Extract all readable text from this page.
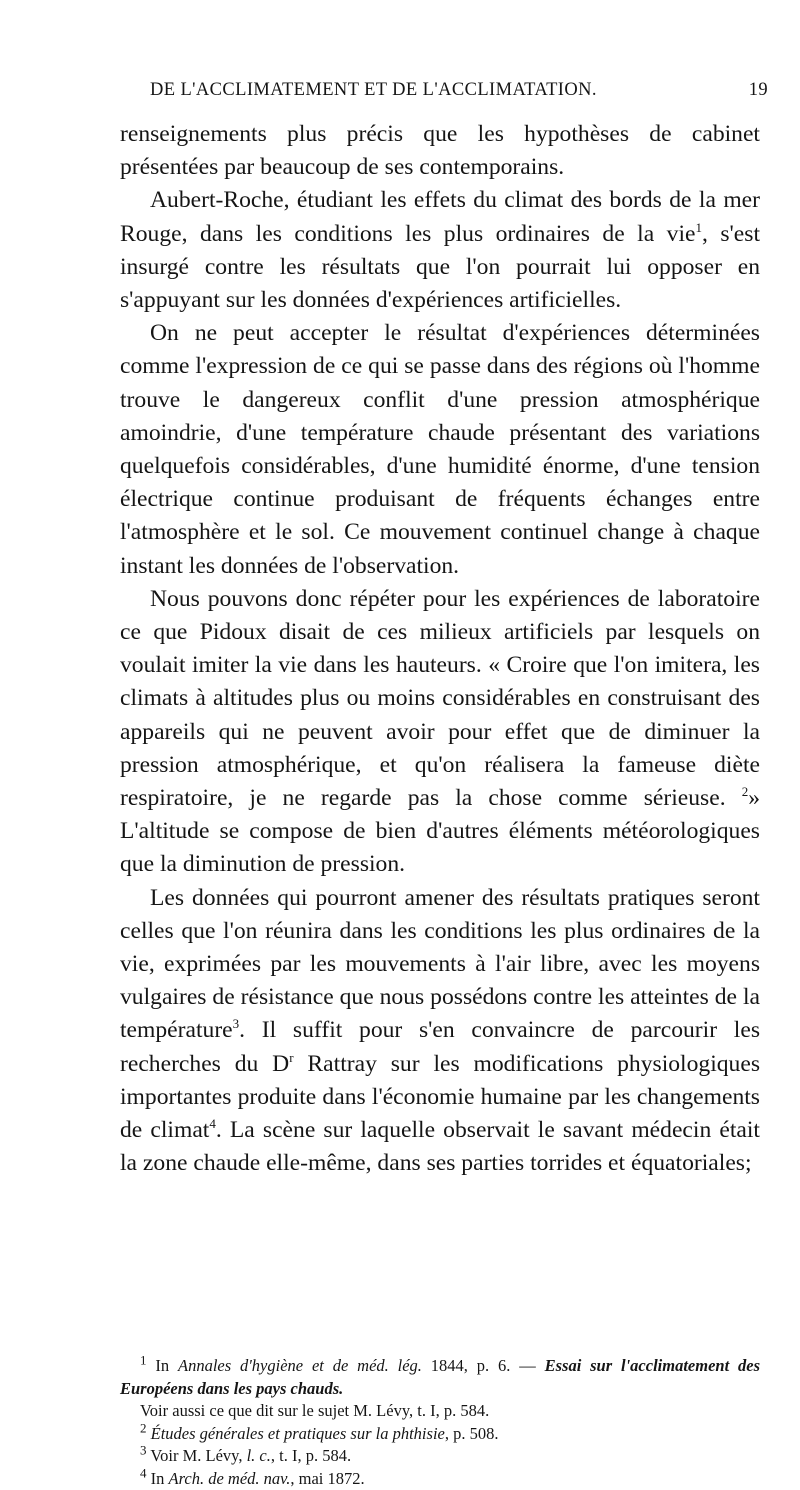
DE L'ACCLIMATEMENT ET DE L'ACCLIMATATION.	19

renseignements plus précis que les hypothèses de cabinet présentées par beaucoup de ses contemporains.

Aubert-Roche, étudiant les effets du climat des bords de la mer Rouge, dans les conditions les plus ordinaires de la vie$^1$, s'est insurgé contre les résultats que l'on pourrait lui opposer en s'appuyant sur les données d'expériences artificielles.

On ne peut accepter le résultat d'expériences déterminées comme l'expression de ce qui se passe dans des régions où l'homme trouve le dangereux conflit d'une pression atmosphérique amoindrie, d'une température chaude présentant des variations quelquefois considérables, d'une humidité énorme, d'une tension électrique continue produisant de fréquents échanges entre l'atmosphère et le sol. Ce mouvement continuel change à chaque instant les données de l'observation.

Nous pouvons donc répéter pour les expériences de laboratoire ce que Pidoux disait de ces milieux artificiels par lesquels on voulait imiter la vie dans les hauteurs. « Croire que l'on imitera, les climats à altitudes plus ou moins considérables en construisant des appareils qui ne peuvent avoir pour effet que de diminuer la pression atmosphérique, et qu'on réalisera la fameuse diète respiratoire, je ne regarde pas la chose comme sérieuse. $^2$» L'altitude se compose de bien d'autres éléments météorologiques que la diminution de pression.

Les données qui pourront amener des résultats pratiques seront celles que l'on réunira dans les conditions les plus ordinaires de la vie, exprimées par les mouvements à l'air libre, avec les moyens vulgaires de résistance que nous possédons contre les atteintes de la température$^3$. Il suffit pour s'en convaincre de parcourir les recherches du $D^r$ Rattray sur les modifications physiologiques importantes produite dans l'économie humaine par les changements de climat$^4$. La scène sur laquelle observait le savant médecin était la zone chaude elle-même, dans ses parties torrides et équatoriales;

$^1$ In Annales d'hygiène et de méd. lég. 1844, p. 6. — Essai sur l'acclimatement des Européens dans les pays chauds.

Voir aussi ce que dit sur le sujet M. Lévy, t. I, p. 584.

$^2$ Études générales et pratiques sur la phthisie, p. 508.

$^3$ Voir M. Lévy, l. c., t. I, p. 584.

$^4$ In Arch. de méd. nav., mai 1872.
